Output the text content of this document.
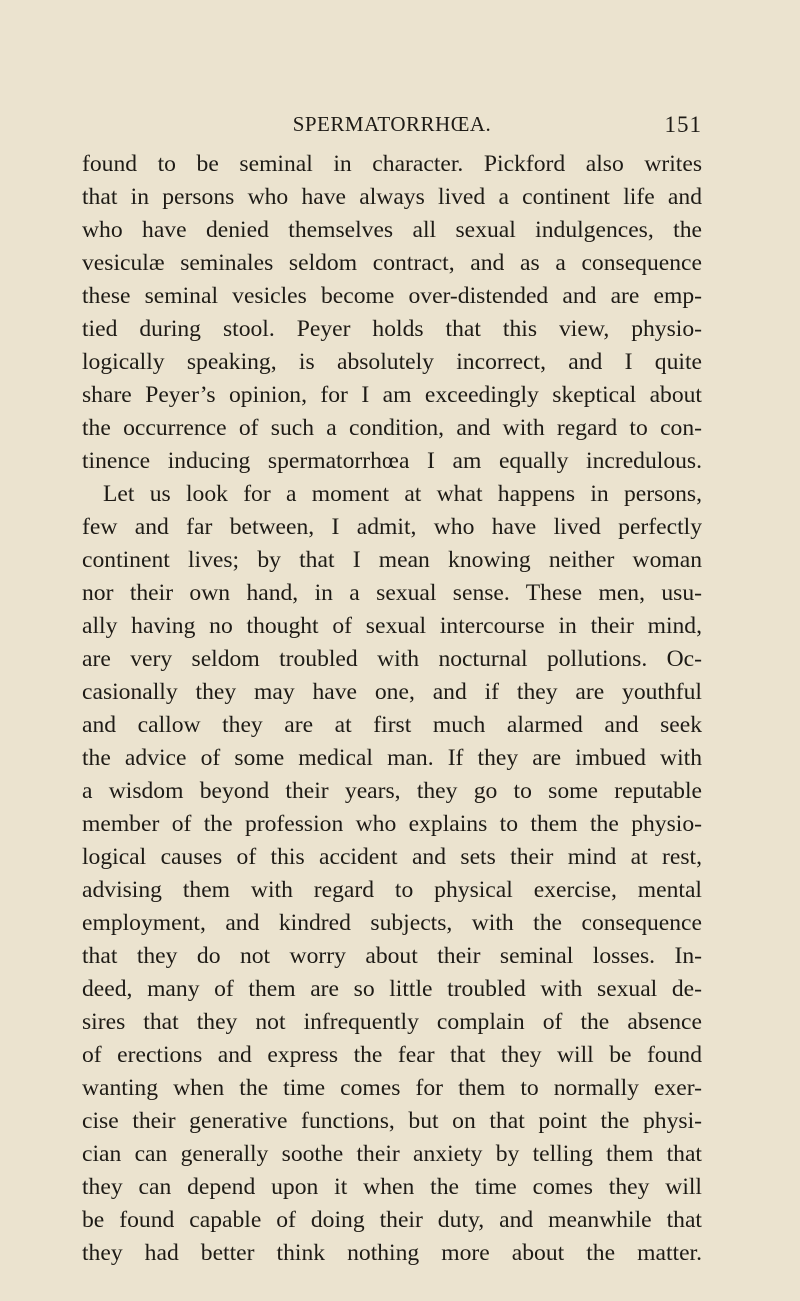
SPERMATORRHŒA.	151
found to be seminal in character. Pickford also writes
that in persons who have always lived a continent life and
who have denied themselves all sexual indulgences, the
vesiculæ seminales seldom contract, and as a consequence
these seminal vesicles become over-distended and are emp-
tied during stool. Peyer holds that this view, physio-
logically speaking, is absolutely incorrect, and I quite
share Peyer’s opinion, for I am exceedingly skeptical about
the occurrence of such a condition, and with regard to con-
tinence inducing spermatorrhœa I am equally incredulous.
Let us look for a moment at what happens in persons,
few and far between, I admit, who have lived perfectly
continent lives; by that I mean knowing neither woman
nor their own hand, in a sexual sense. These men, usu-
ally having no thought of sexual intercourse in their mind,
are very seldom troubled with nocturnal pollutions. Oc-
casionally they may have one, and if they are youthful
and callow they are at first much alarmed and seek
the advice of some medical man. If they are imbued with
a wisdom beyond their years, they go to some reputable
member of the profession who explains to them the physio-
logical causes of this accident and sets their mind at rest,
advising them with regard to physical exercise, mental
employment, and kindred subjects, with the consequence
that they do not worry about their seminal losses. In-
deed, many of them are so little troubled with sexual de-
sires that they not infrequently complain of the absence
of erections and express the fear that they will be found
wanting when the time comes for them to normally exer-
cise their generative functions, but on that point the physi-
cian can generally soothe their anxiety by telling them that
they can depend upon it when the time comes they will
be found capable of doing their duty, and meanwhile that
they had better think nothing more about the matter.
